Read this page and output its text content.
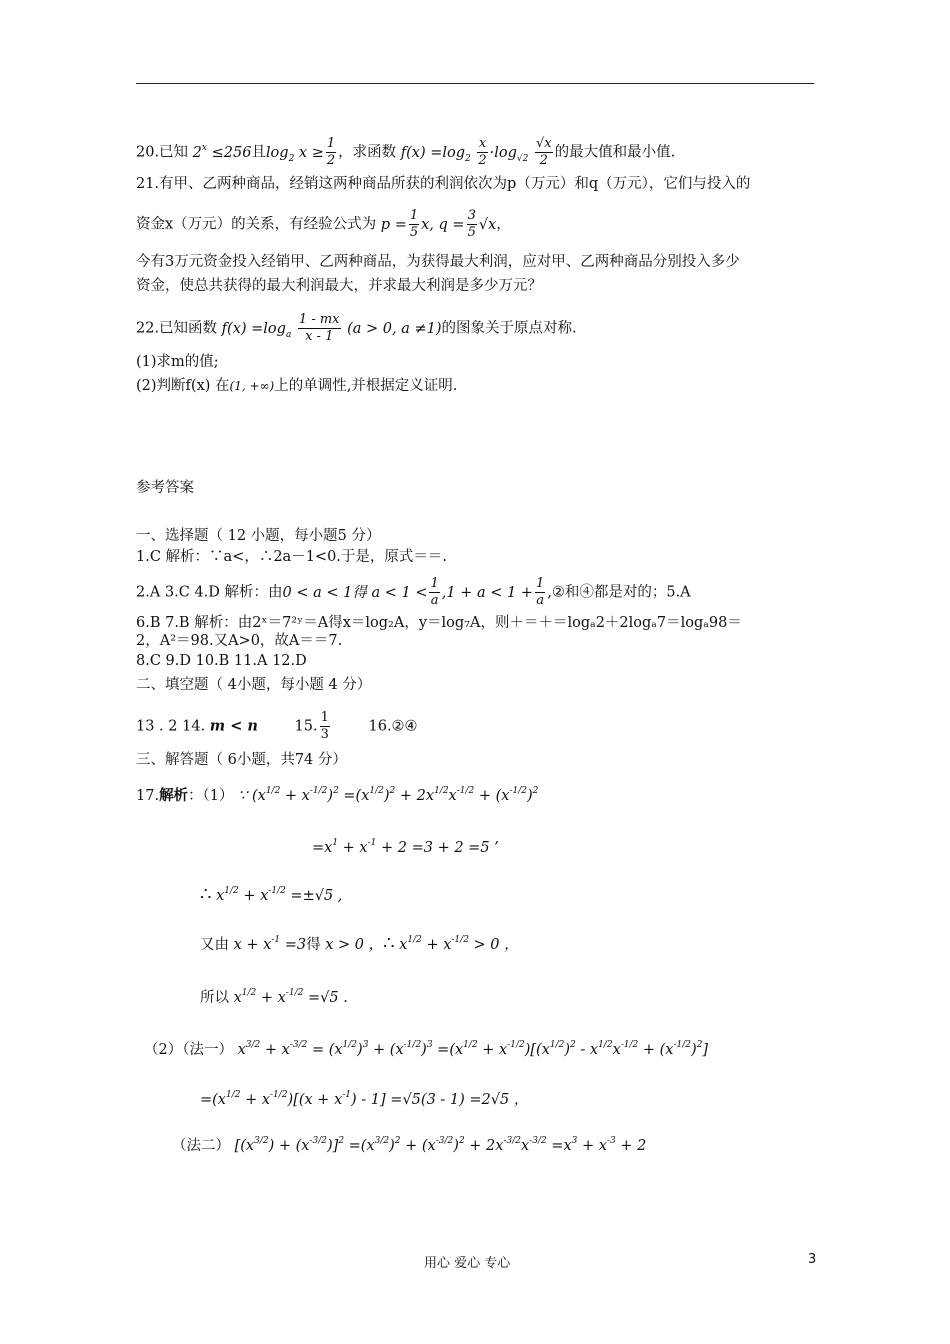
20.已知 $2^x \le 256$且$\log_2 x \ge \frac{1}{2}$ ，求函数 $f(x) =\log_2 \frac{x}{2} \cdot\log_{√2} \frac{√x}{2}$ 的最大值和最小值.
21.有甲、乙两种商品，经销这两种商品所获的利润依次为p（万元）和q（万元），它们与投入的
资金x（万元）的关系，有经验公式为 $p = \frac{1}{5} x$, $q = \frac{3}{5} √x$，
今有3万元资金投入经销甲、乙两种商品，为获得最大利润，应对甲、乙两种商品分别投入多少
资金，使总共获得的最大利润最大，并求最大利润是多少万元？
22.已知函数 $f(x) =\log_a \frac{1 - mx}{x - 1} (a > 0$, a ≠1)的图象关于原点对称.
(1)求m的值;
(2)判断f(x) 在(1, +∞)上的单调性,并根据定义证明.
参考答案
一、选择题（ 12 小题，每小题5 分）
1.C 解析：∵a<，∴2a－1<0.于是，原式＝＝.
2.A 3.C 4.D 解析：由0 < a < 1得 $a < 1 < \frac{1}{a} ,1 + a < 1 + \frac{1}{a}$ ,②和④都是对的；5.A
6.B 7.B 解析：由2ˣ＝7²ʸ＝A得x＝log₂A，y＝log₇A，则＋＝＋＝logₐ2＋2logₐ7＝logₐ98＝
2，A²＝98.又A>0，故A＝＝7.
8.C 9.D 10.B 11.A 12.D
二、填空题（ 4小题，每小题 4 分）
13 . 2 14. m < n	15. $\frac{1}{3}$	16.②④
三、解答题（ 6小题，共74 分）
17.解析：（1） ∵ $(x^{1/2} + x^{-1/2})^2 =(x^{1/2})^2 + 2x^{1/2}x^{-1/2} + (x^{-1/2})^2$
$=x^1 + x^{-1} + 2 =3 + 2 =5$ ’
∴ $x^{1/2} + x^{-1/2} =\pm√5$ ,
又由 $x + x^{-1} =3$得 x > 0 ，∴ $x^{1/2} + x^{-1/2} > 0$ ，
所以 $x^{1/2} + x^{-1/2} =√5$ .
（2）（法一） $x^{3/2} + x^{-3/2} = (x^{1/2})^3 + (x^{-1/2})^3 =(x^{1/2} + x^{-1/2})[(x^{1/2})^2 - x^{1/2}x^{-1/2} + (x^{-1/2})^2]$
$=(x^{1/2} + x^{-1/2})[(x + x^{-1}) - 1] =√5(3 - 1) =2√5$ ，
（法二） $[(x^{3/2}) + (x^{-3/2})]^2 =(x^{3/2})^2 + (x^{-3/2})^2 + 2x^{-3/2}x^{-3/2} =x^3 + x^{-3} + 2$
用心 爱心 专心	3
